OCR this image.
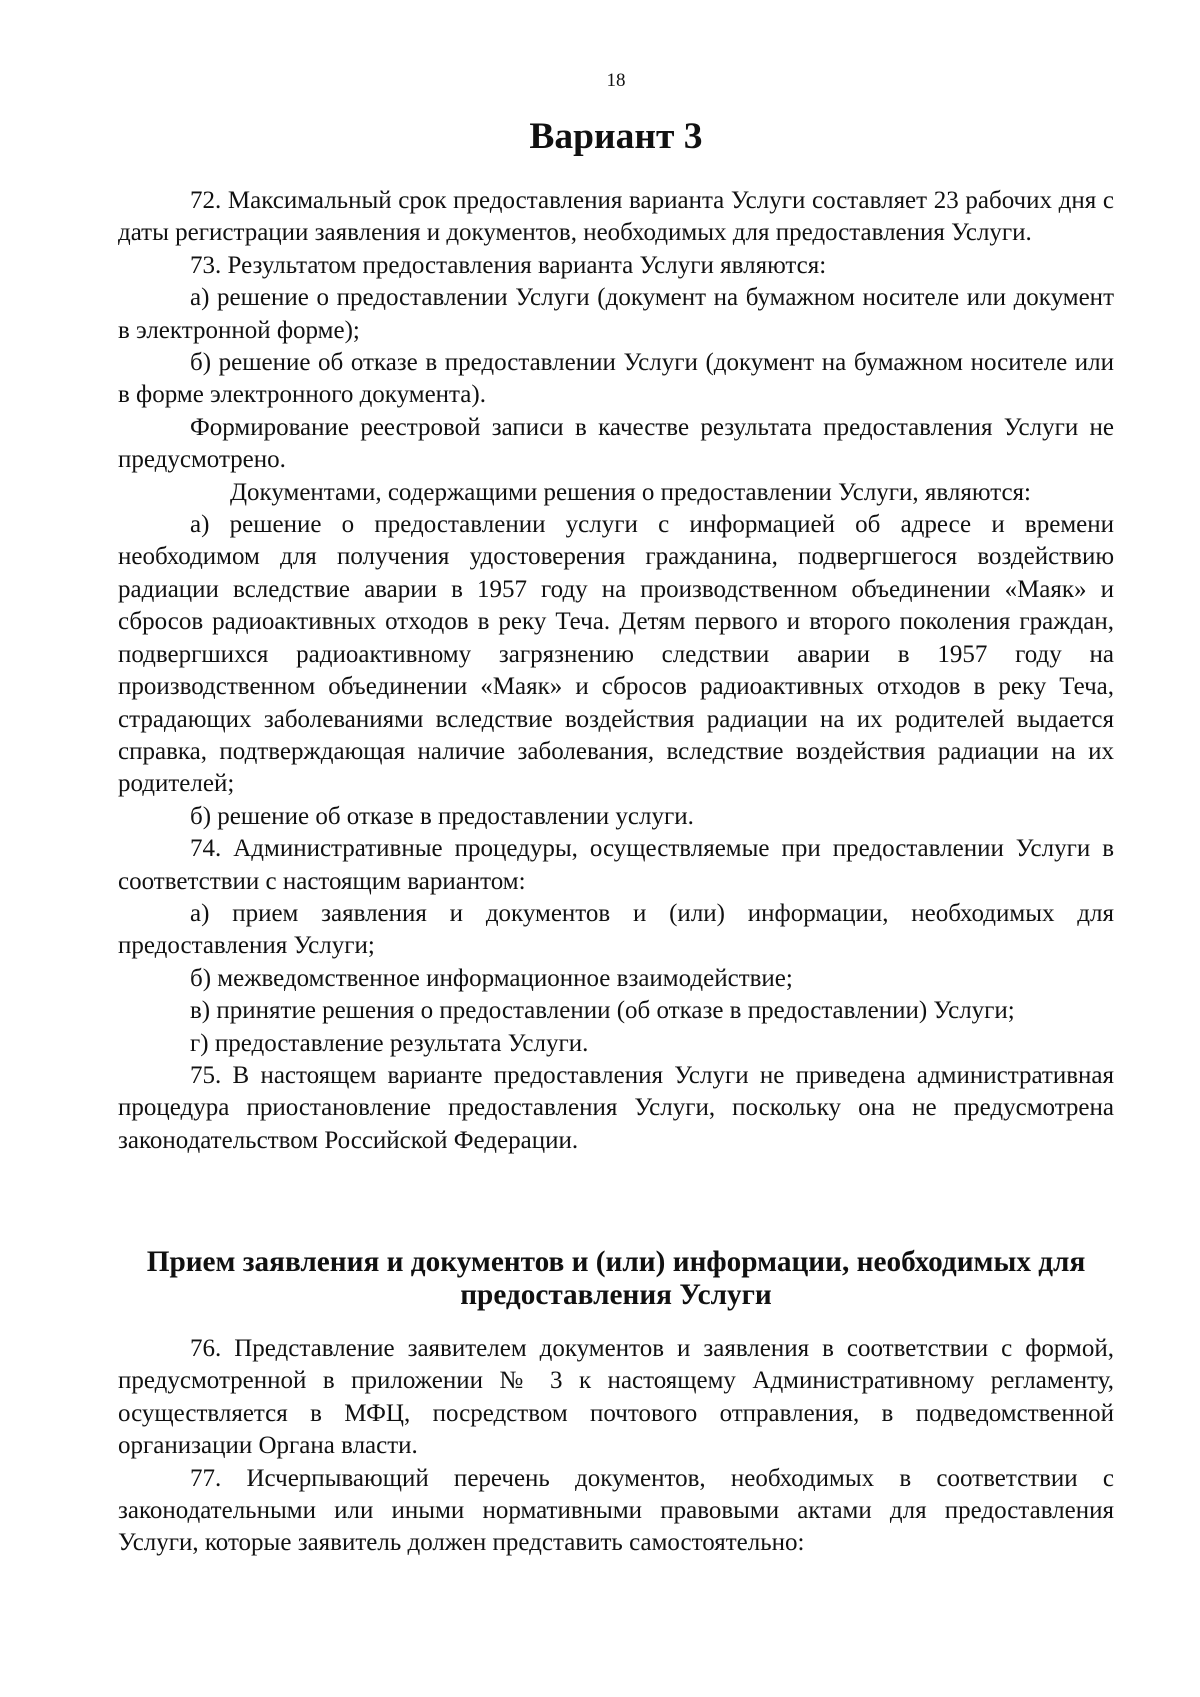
18
Вариант 3

72. Максимальный срок предоставления варианта Услуги составляет 23 рабочих дня с даты регистрации заявления и документов, необходимых для предоставления Услуги.

73. Результатом предоставления варианта Услуги являются:

а) решение о предоставлении Услуги (документ на бумажном носителе или документ в электронной форме);

б) решение об отказе в предоставлении Услуги (документ на бумажном носителе или в форме электронного документа).

Формирование реестровой записи в качестве результата предоставления Услуги не предусмотрено.

Документами, содержащими решения о предоставлении Услуги, являются:

а) решение о предоставлении услуги с информацией об адресе и времени необходимом для получения удостоверения гражданина, подвергшегося воздействию радиации вследствие аварии в 1957 году на производственном объединении «Маяк» и сбросов радиоактивных отходов в реку Теча. Детям первого и второго поколения граждан, подвергшихся радиоактивному загрязнению следствии аварии в 1957 году на производственном объединении «Маяк» и сбросов радиоактивных отходов в реку Теча, страдающих заболеваниями вследствие воздействия радиации на их родителей выдается справка, подтверждающая наличие заболевания, вследствие воздействия радиации на их родителей;

б) решение об отказе в предоставлении услуги.

74. Административные процедуры, осуществляемые при предоставлении Услуги в соответствии с настоящим вариантом:

а) прием заявления и документов и (или) информации, необходимых для предоставления Услуги;

б) межведомственное информационное взаимодействие;

в) принятие решения о предоставлении (об отказе в предоставлении) Услуги;

г) предоставление результата Услуги.

75. В настоящем варианте предоставления Услуги не приведена административная процедура приостановление предоставления Услуги, поскольку она не предусмотрена законодательством Российской Федерации.

Прием заявления и документов и (или) информации, необходимых для
предоставления Услуги

76. Представление заявителем документов и заявления в соответствии с формой, предусмотренной в приложении № 3 к настоящему Административному регламенту, осуществляется в МФЦ, посредством почтового отправления, в подведомственной организации Органа власти.

77. Исчерпывающий перечень документов, необходимых в соответствии с законодательными или иными нормативными правовыми актами для предоставления Услуги, которые заявитель должен представить самостоятельно:
